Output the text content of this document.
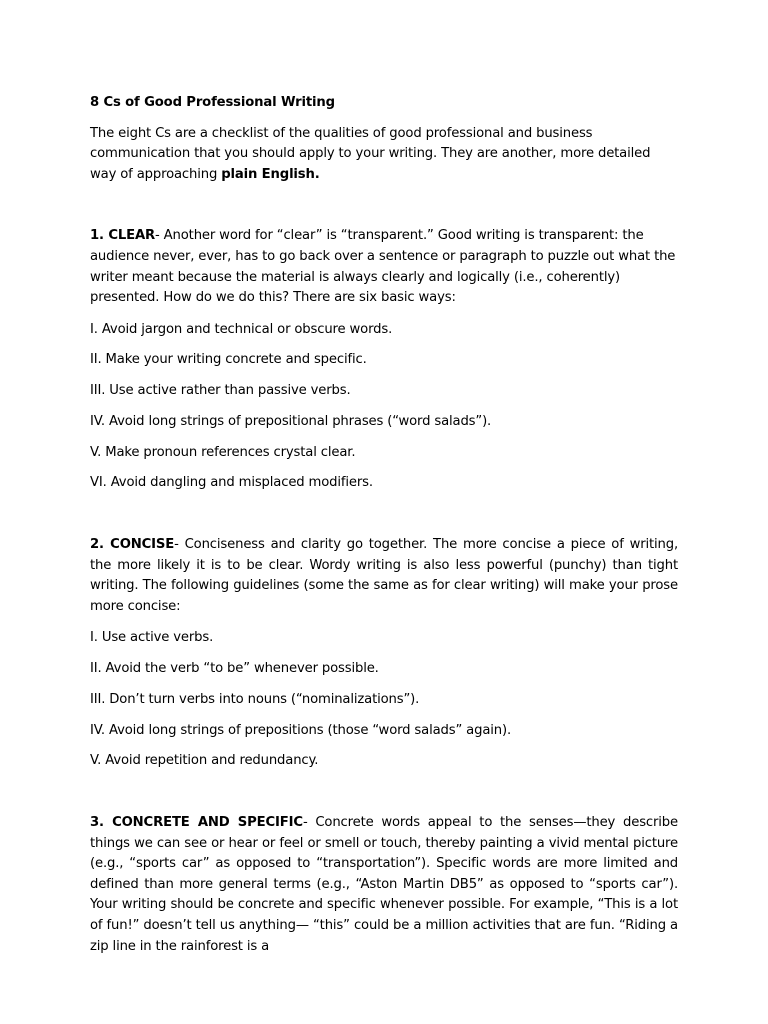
8 Cs of Good Professional Writing

The eight Cs are a checklist of the qualities of good professional and business communication that you should apply to your writing. They are another, more detailed way of approaching plain English.

1. CLEAR- Another word for “clear” is “transparent.” Good writing is transparent: the audience never, ever, has to go back over a sentence or paragraph to puzzle out what the writer meant because the material is always clearly and logically (i.e., coherently) presented. How do we do this? There are six basic ways:

I. Avoid jargon and technical or obscure words.

II. Make your writing concrete and specific.

III. Use active rather than passive verbs.

IV. Avoid long strings of prepositional phrases (“word salads”).

V. Make pronoun references crystal clear.

VI. Avoid dangling and misplaced modifiers.

2. CONCISE- Conciseness and clarity go together. The more concise a piece of writing, the more likely it is to be clear. Wordy writing is also less powerful (punchy) than tight writing. The following guidelines (some the same as for clear writing) will make your prose more concise:

I. Use active verbs.

II. Avoid the verb “to be” whenever possible.

III. Don’t turn verbs into nouns (“nominalizations”).

IV. Avoid long strings of prepositions (those “word salads” again).

V. Avoid repetition and redundancy.

3. CONCRETE AND SPECIFIC- Concrete words appeal to the senses—they describe things we can see or hear or feel or smell or touch, thereby painting a vivid mental picture (e.g., “sports car” as opposed to “transportation”). Specific words are more limited and defined than more general terms (e.g., “Aston Martin DB5” as opposed to “sports car”). Your writing should be concrete and specific whenever possible. For example, “This is a lot of fun!” doesn’t tell us anything— “this” could be a million activities that are fun. “Riding a zip line in the rainforest is a
